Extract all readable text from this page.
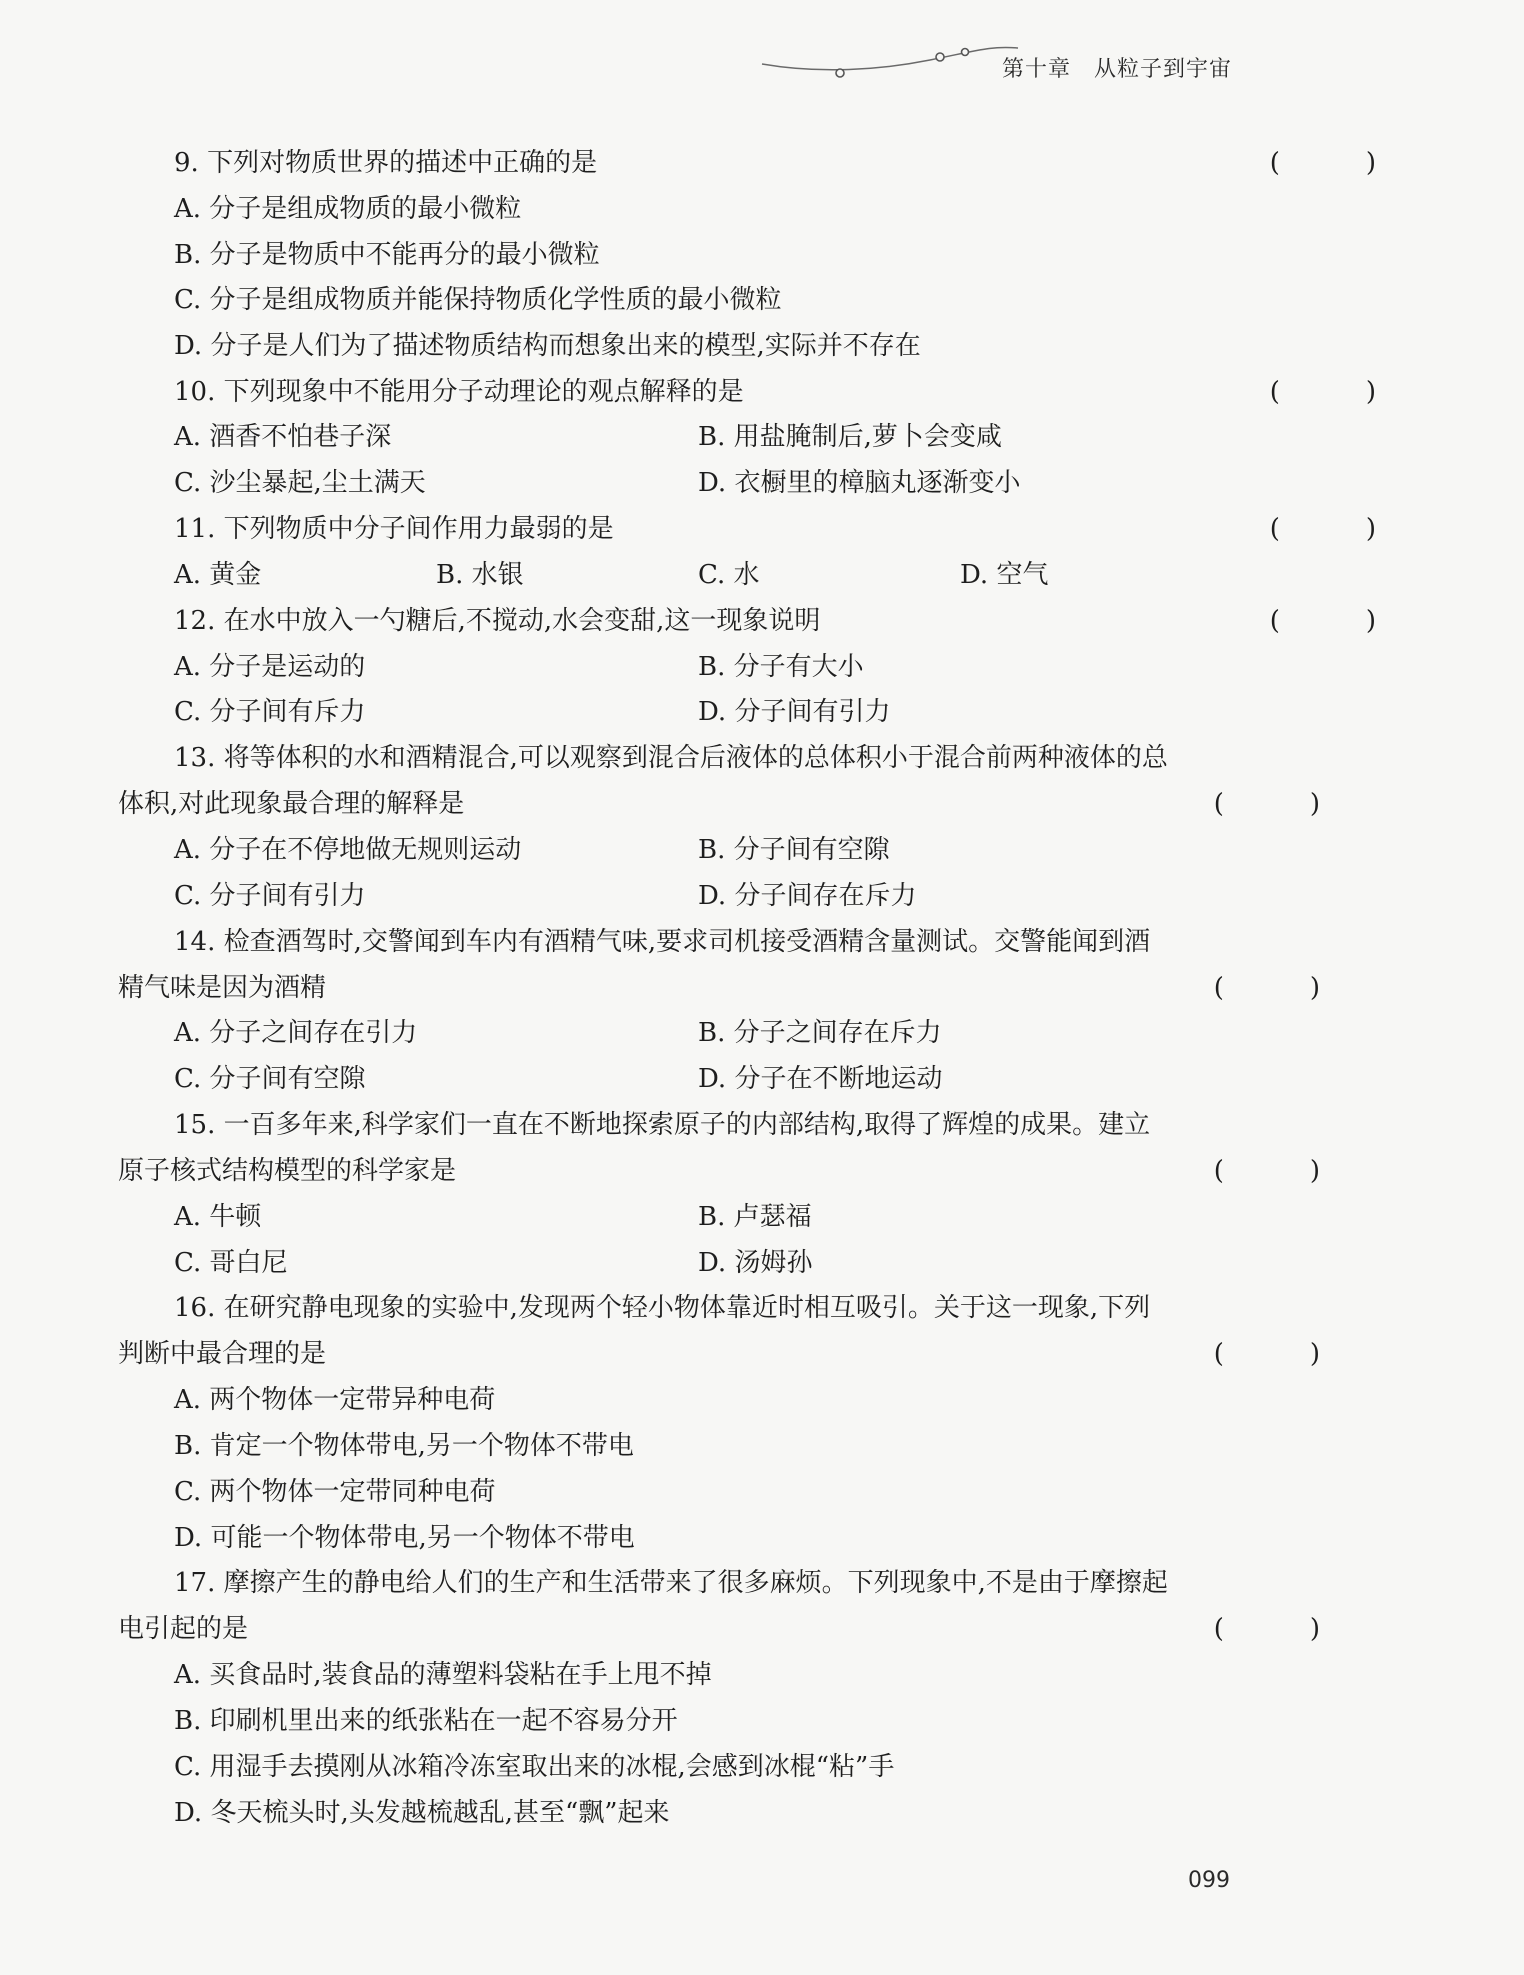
第十章　从粒子到宇宙
9. 下列对物质世界的描述中正确的是	(　)
A. 分子是组成物质的最小微粒
B. 分子是物质中不能再分的最小微粒
C. 分子是组成物质并能保持物质化学性质的最小微粒
D. 分子是人们为了描述物质结构而想象出来的模型,实际并不存在
10. 下列现象中不能用分子动理论的观点解释的是	(　)
A. 酒香不怕巷子深	B. 用盐腌制后,萝卜会变咸
C. 沙尘暴起,尘土满天	D. 衣橱里的樟脑丸逐渐变小
11. 下列物质中分子间作用力最弱的是	(　)
A. 黄金	B. 水银	C. 水	D. 空气
12. 在水中放入一勺糖后,不搅动,水会变甜,这一现象说明	(　)
A. 分子是运动的	B. 分子有大小
C. 分子间有斥力	D. 分子间有引力
13. 将等体积的水和酒精混合,可以观察到混合后液体的总体积小于混合前两种液体的总
体积,对此现象最合理的解释是	(　)
A. 分子在不停地做无规则运动	B. 分子间有空隙
C. 分子间有引力	D. 分子间存在斥力
14. 检查酒驾时,交警闻到车内有酒精气味,要求司机接受酒精含量测试。交警能闻到酒
精气味是因为酒精	(　)
A. 分子之间存在引力	B. 分子之间存在斥力
C. 分子间有空隙	D. 分子在不断地运动
15. 一百多年来,科学家们一直在不断地探索原子的内部结构,取得了辉煌的成果。建立
原子核式结构模型的科学家是	(　)
A. 牛顿	B. 卢瑟福
C. 哥白尼	D. 汤姆孙
16. 在研究静电现象的实验中,发现两个轻小物体靠近时相互吸引。关于这一现象,下列
判断中最合理的是	(　)
A. 两个物体一定带异种电荷
B. 肯定一个物体带电,另一个物体不带电
C. 两个物体一定带同种电荷
D. 可能一个物体带电,另一个物体不带电
17. 摩擦产生的静电给人们的生产和生活带来了很多麻烦。下列现象中,不是由于摩擦起
电引起的是	(　)
A. 买食品时,装食品的薄塑料袋粘在手上甩不掉
B. 印刷机里出来的纸张粘在一起不容易分开
C. 用湿手去摸刚从冰箱冷冻室取出来的冰棍,会感到冰棍“粘”手
D. 冬天梳头时,头发越梳越乱,甚至“飘”起来
099
